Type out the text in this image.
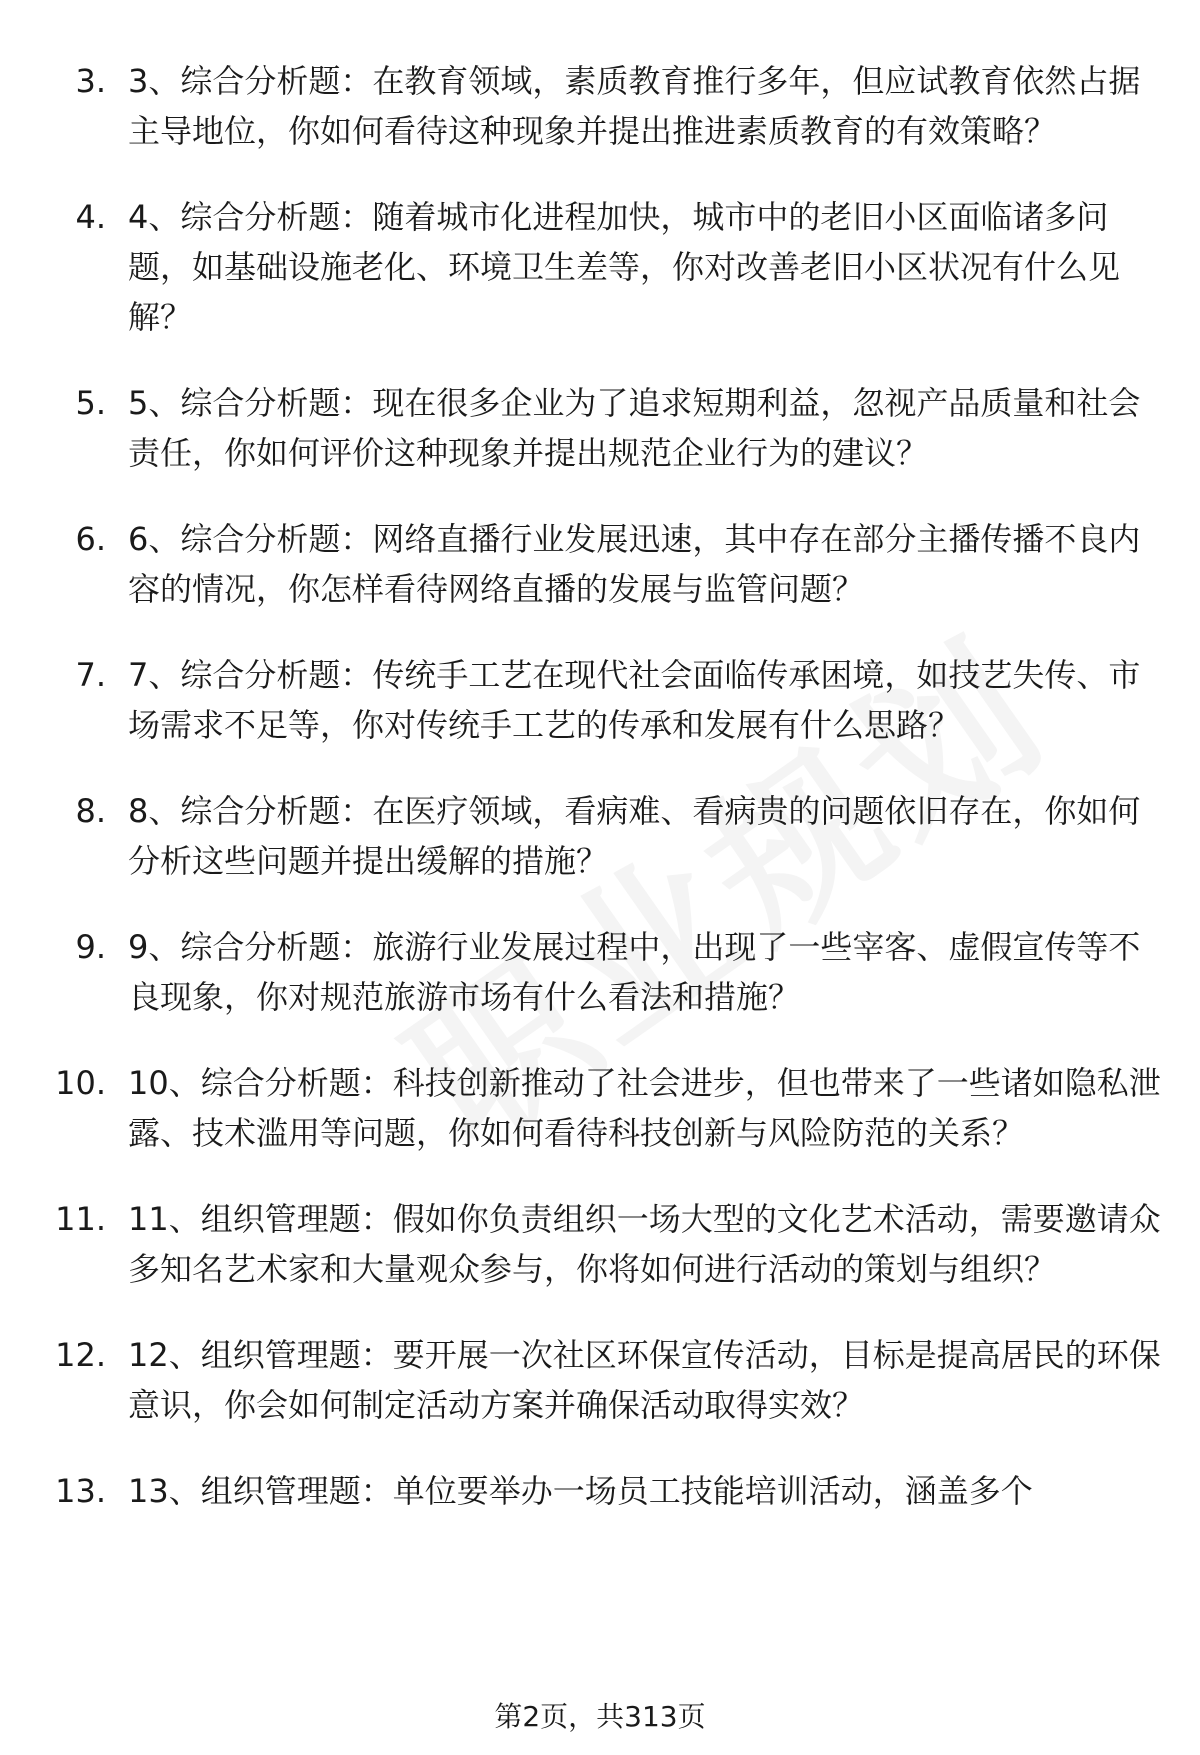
3. 3、综合分析题：在教育领域，素质教育推行多年，但应试教育依然占据主导地位，你如何看待这种现象并提出推进素质教育的有效策略？
4. 4、综合分析题：随着城市化进程加快，城市中的老旧小区面临诸多问题，如基础设施老化、环境卫生差等，你对改善老旧小区状况有什么见解？
5. 5、综合分析题：现在很多企业为了追求短期利益，忽视产品质量和社会责任，你如何评价这种现象并提出规范企业行为的建议？
6. 6、综合分析题：网络直播行业发展迅速，其中存在部分主播传播不良内容的情况，你怎样看待网络直播的发展与监管问题？
7. 7、综合分析题：传统手工艺在现代社会面临传承困境，如技艺失传、市场需求不足等，你对传统手工艺的传承和发展有什么思路？
8. 8、综合分析题：在医疗领域，看病难、看病贵的问题依旧存在，你如何分析这些问题并提出缓解的措施？
9. 9、综合分析题：旅游行业发展过程中，出现了一些宰客、虚假宣传等不良现象，你对规范旅游市场有什么看法和措施？
10. 10、综合分析题：科技创新推动了社会进步，但也带来了一些诸如隐私泄露、技术滥用等问题，你如何看待科技创新与风险防范的关系？
11. 11、组织管理题：假如你负责组织一场大型的文化艺术活动，需要邀请众多知名艺术家和大量观众参与，你将如何进行活动的策划与组织？
12. 12、组织管理题：要开展一次社区环保宣传活动，目标是提高居民的环保意识，你会如何制定活动方案并确保活动取得实效？
13. 13、组织管理题：单位要举办一场员工技能培训活动，涵盖多个
第2页，共313页
